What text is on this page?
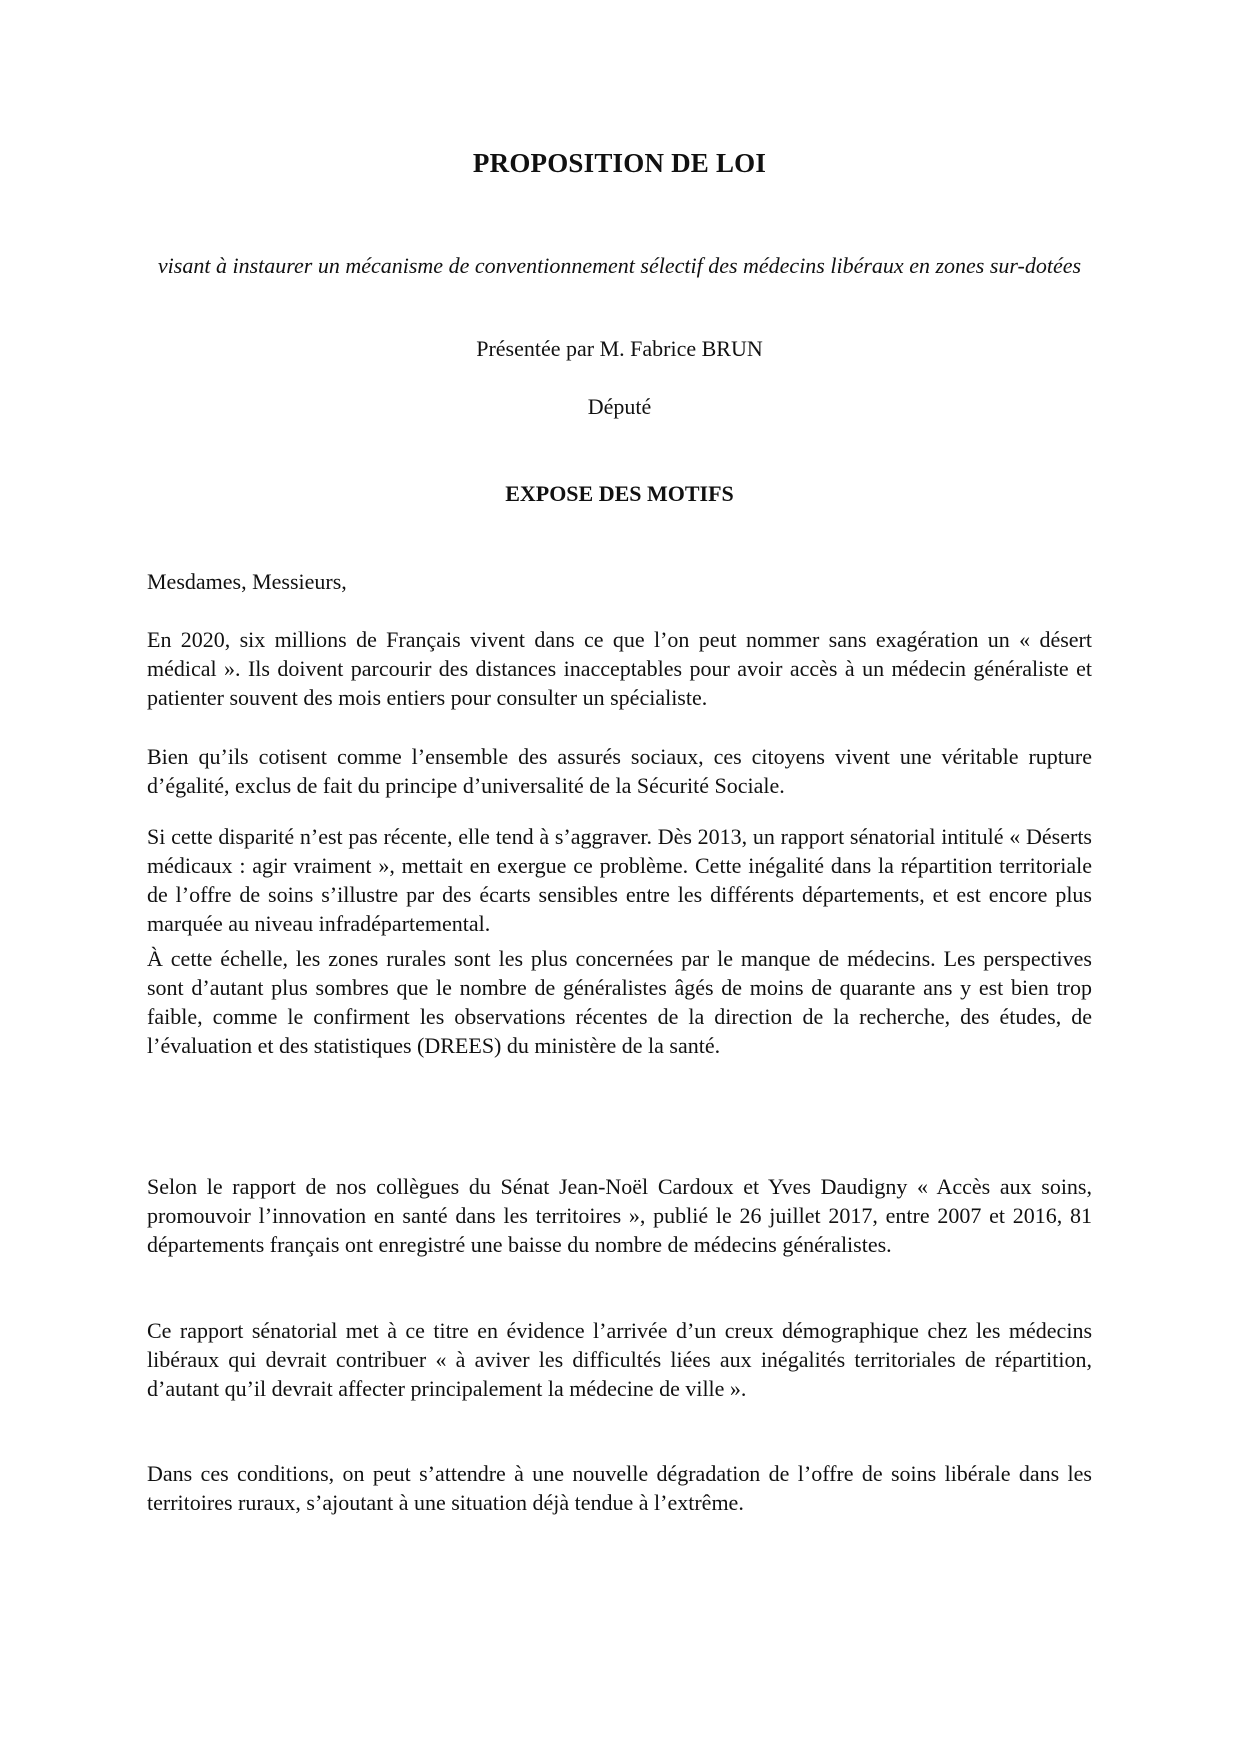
PROPOSITION DE LOI
visant à instaurer un mécanisme de conventionnement sélectif des médecins libéraux en zones sur-dotées
Présentée par M. Fabrice BRUN
Député
EXPOSE DES MOTIFS

Mesdames, Messieurs,

En 2020, six millions de Français vivent dans ce que l’on peut nommer sans exagération un « désert médical ». Ils doivent parcourir des distances inacceptables pour avoir accès à un médecin généraliste et patienter souvent des mois entiers pour consulter un spécialiste.

Bien qu’ils cotisent comme l’ensemble des assurés sociaux, ces citoyens vivent une véritable rupture d’égalité, exclus de fait du principe d’universalité de la Sécurité Sociale.

Si cette disparité n’est pas récente, elle tend à s’aggraver. Dès 2013, un rapport sénatorial intitulé « Déserts médicaux : agir vraiment », mettait en exergue ce problème. Cette inégalité dans la répartition territoriale de l’offre de soins s’illustre par des écarts sensibles entre les différents départements, et est encore plus marquée au niveau infradépartemental.

À cette échelle, les zones rurales sont les plus concernées par le manque de médecins. Les perspectives sont d’autant plus sombres que le nombre de généralistes âgés de moins de quarante ans y est bien trop faible, comme le confirment les observations récentes de la direction de la recherche, des études, de l’évaluation et des statistiques (DREES) du ministère de la santé.

Selon le rapport de nos collègues du Sénat Jean-Noël Cardoux et Yves Daudigny « Accès aux soins, promouvoir l’innovation en santé dans les territoires », publié le 26 juillet 2017, entre 2007 et 2016, 81 départements français ont enregistré une baisse du nombre de médecins généralistes.

Ce rapport sénatorial met à ce titre en évidence l’arrivée d’un creux démographique chez les médecins libéraux qui devrait contribuer « à aviver les difficultés liées aux inégalités territoriales de répartition, d’autant qu’il devrait affecter principalement la médecine de ville ».

Dans ces conditions, on peut s’attendre à une nouvelle dégradation de l’offre de soins libérale dans les territoires ruraux, s’ajoutant à une situation déjà tendue à l’extrême.
